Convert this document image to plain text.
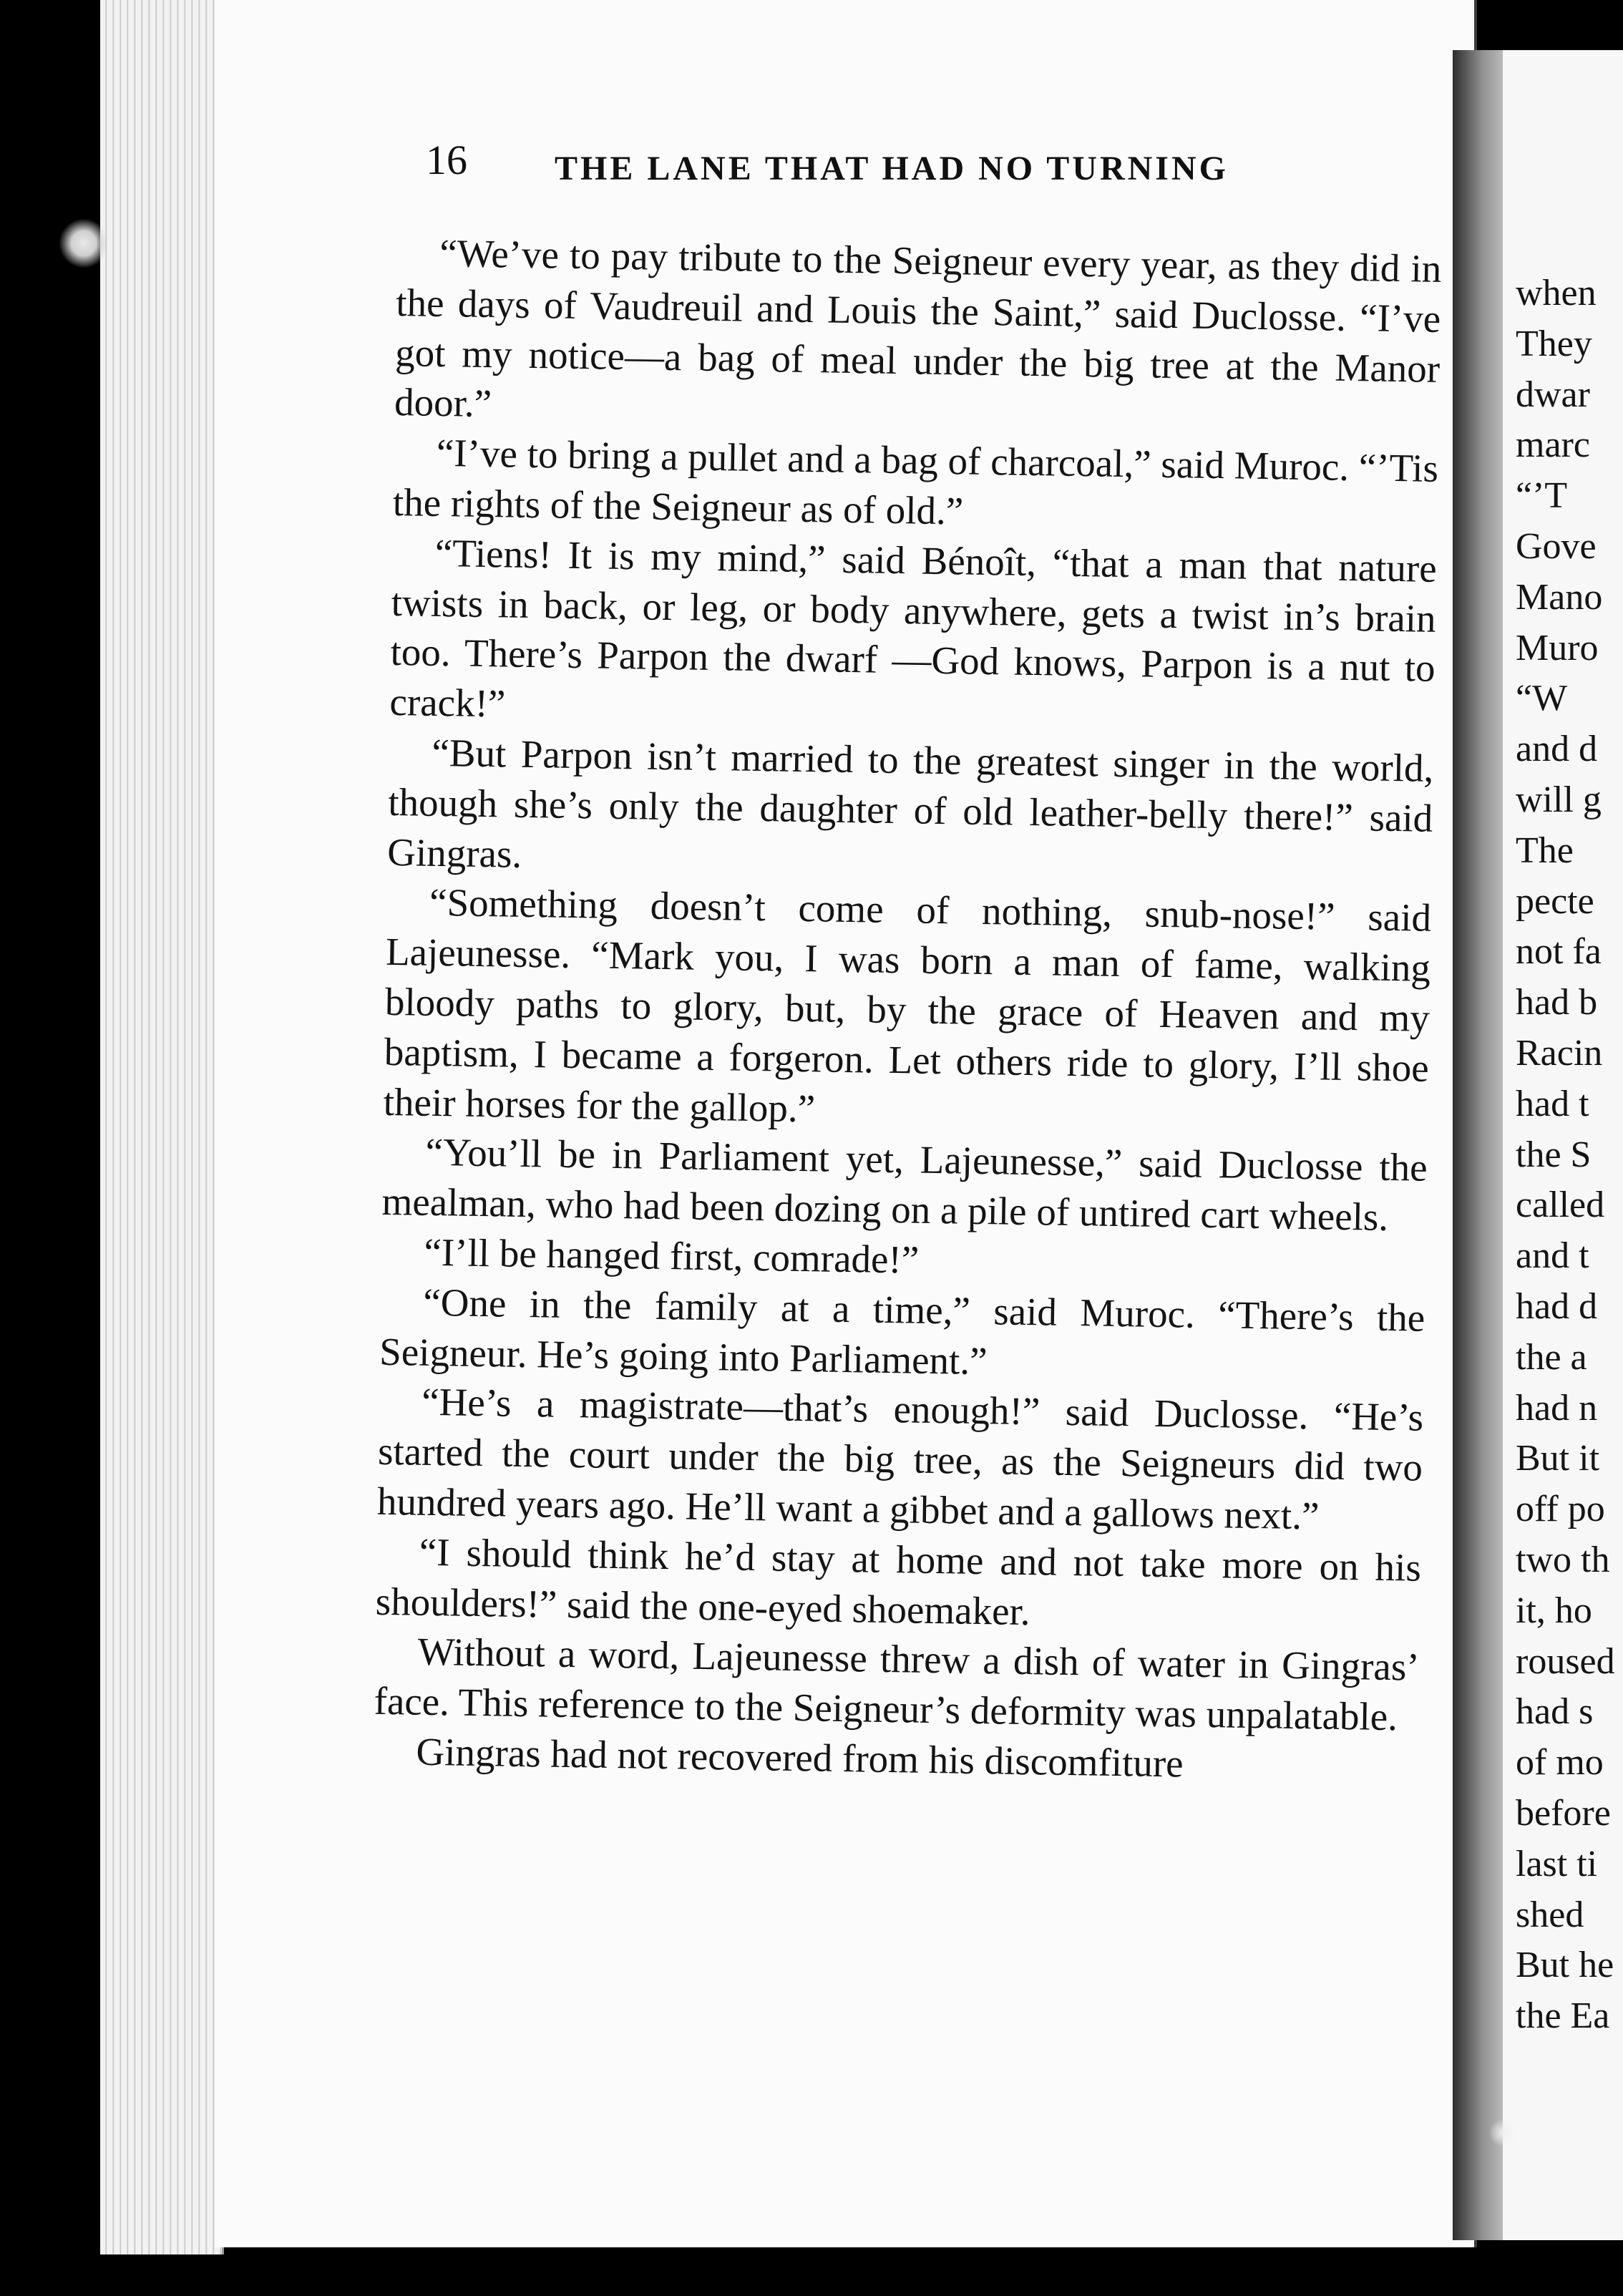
16	THE LANE THAT HAD NO TURNING

“We’ve to pay tribute to the Seigneur every year, as they did in the days of Vaudreuil and Louis the Saint,” said Duclosse. “I’ve got my notice—a bag of meal under the big tree at the Manor door.”

“I’ve to bring a pullet and a bag of charcoal,” said Muroc. “’Tis the rights of the Seigneur as of old.”

“Tiens! It is my mind,” said Bénoît, “that a man that nature twists in back, or leg, or body anywhere, gets a twist in’s brain too. There’s Parpon the dwarf —God knows, Parpon is a nut to crack!”

“But Parpon isn’t married to the greatest singer in the world, though she’s only the daughter of old leather-belly there!” said Gingras.

“Something doesn’t come of nothing, snub-nose!” said Lajeunesse. “Mark you, I was born a man of fame, walking bloody paths to glory, but, by the grace of Heaven and my baptism, I became a forgeron. Let others ride to glory, I’ll shoe their horses for the gallop.”

“You’ll be in Parliament yet, Lajeunesse,” said Duclosse the mealman, who had been dozing on a pile of untired cart wheels.

“I’ll be hanged first, comrade!”

“One in the family at a time,” said Muroc. “There’s the Seigneur. He’s going into Parliament.”

“He’s a magistrate—that’s enough!” said Duclosse. “He’s started the court under the big tree, as the Seigneurs did two hundred years ago. He’ll want a gibbet and a gallows next.”

“I should think he’d stay at home and not take more on his shoulders!” said the one-eyed shoemaker.

Without a word, Lajeunesse threw a dish of water in Gingras’ face. This reference to the Seigneur’s deformity was unpalatable.

Gingras had not recovered from his discomfiture

when
They
dwar
marc
“’T
Gove
Mano
Muro
“W
and d
will g
The
pecte
not fa
had b
Racin
had t
the S
called
and t
had d
the a
had n
But it
off po
two th
it, ho
roused
had s
of mo
before
last ti
shed
But he
the Ea
